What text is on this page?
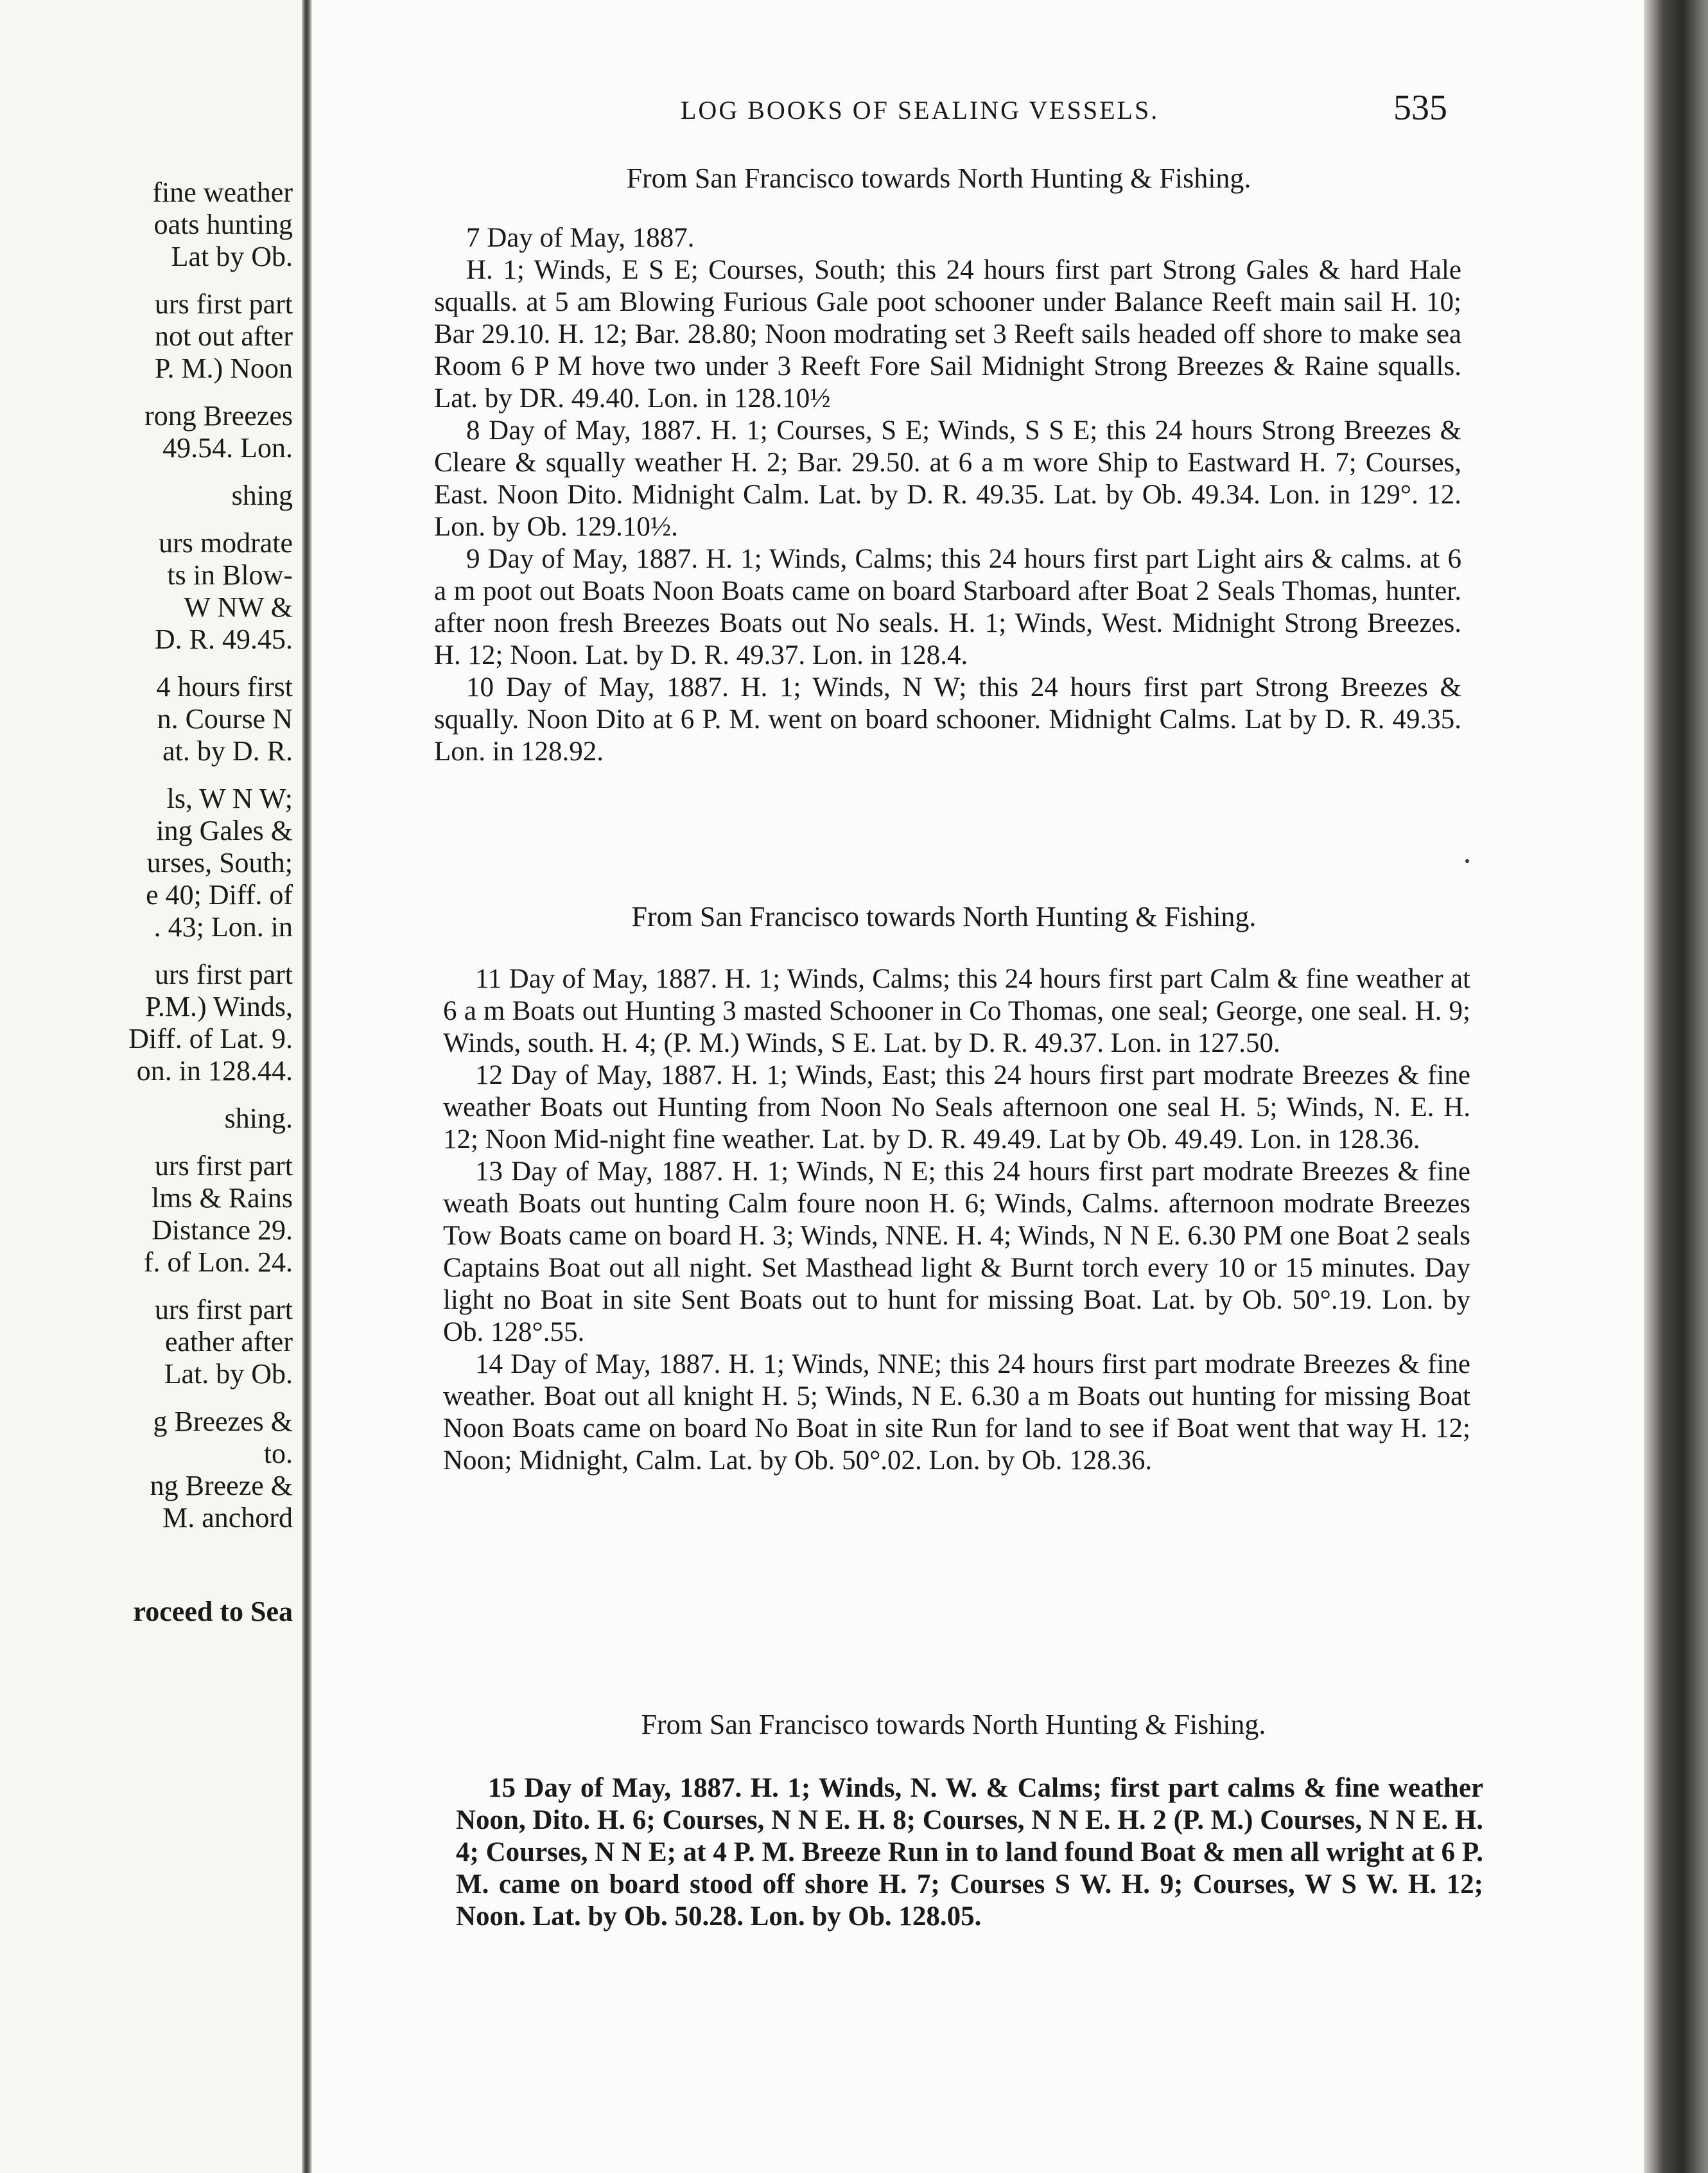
fine weather
oats hunting
Lat by Ob.
urs first part
not out after
P. M.) Noon
rong Breezes
49.54. Lon.
shing
urs modrate
ts in Blow-
W NW &
D. R. 49.45.
4 hours first
n. Course N
at. by D. R.
ls, W N W;
ing Gales &
urses, South;
e 40; Diff. of
. 43; Lon. in
urs first part
P.M.) Winds,
Diff. of Lat. 9.
on. in 128.44.
shing.
urs first part
lms & Rains
Distance 29.
f. of Lon. 24.
urs first part
eather after
Lat. by Ob.
g Breezes &
to.
ng Breeze &
M. anchord
roceed to Sea
LOG BOOKS OF SEALING VESSELS.	535
From San Francisco towards North Hunting & Fishing.

7 Day of May, 1887.

H. 1; Winds, E S E; Courses, South; this 24 hours first part Strong Gales & hard Hale squalls. at 5 am Blowing Furious Gale poot schooner under Balance Reeft main sail H. 10; Bar 29.10. H. 12; Bar. 28.80; Noon modrating set 3 Reeft sails headed off shore to make sea Room 6 P M hove two under 3 Reeft Fore Sail Midnight Strong Breezes & Raine squalls. Lat. by DR. 49.40. Lon. in 128.10½

8 Day of May, 1887. H. 1; Courses, S E; Winds, S S E; this 24 hours Strong Breezes & Cleare & squally weather H. 2; Bar. 29.50. at 6 a m wore Ship to Eastward H. 7; Courses, East. Noon Dito. Midnight Calm. Lat. by D. R. 49.35. Lat. by Ob. 49.34. Lon. in 129°. 12. Lon. by Ob. 129.10½.

9 Day of May, 1887. H. 1; Winds, Calms; this 24 hours first part Light airs & calms. at 6 a m poot out Boats Noon Boats came on board Starboard after Boat 2 Seals Thomas, hunter. after noon fresh Breezes Boats out No seals. H. 1; Winds, West. Midnight Strong Breezes. H. 12; Noon. Lat. by D. R. 49.37. Lon. in 128.4.

10 Day of May, 1887. H. 1; Winds, N W; this 24 hours first part Strong Breezes & squally. Noon Dito at 6 P. M. went on board schooner. Midnight Calms. Lat by D. R. 49.35. Lon. in 128.92.

From San Francisco towards North Hunting & Fishing.

11 Day of May, 1887. H. 1; Winds, Calms; this 24 hours first part Calm & fine weather at 6 a m Boats out Hunting 3 masted Schooner in Co Thomas, one seal; George, one seal. H. 9; Winds, south. H. 4; (P. M.) Winds, S E. Lat. by D. R. 49.37. Lon. in 127.50.

12 Day of May, 1887. H. 1; Winds, East; this 24 hours first part modrate Breezes & fine weather Boats out Hunting from Noon No Seals afternoon one seal H. 5; Winds, N. E. H. 12; Noon Mid-night fine weather. Lat. by D. R. 49.49. Lat by Ob. 49.49. Lon. in 128.36.

13 Day of May, 1887. H. 1; Winds, N E; this 24 hours first part modrate Breezes & fine weath Boats out hunting Calm foure noon H. 6; Winds, Calms. afternoon modrate Breezes Tow Boats came on board H. 3; Winds, NNE. H. 4; Winds, N N E. 6.30 PM one Boat 2 seals Captains Boat out all night. Set Masthead light & Burnt torch every 10 or 15 minutes. Day light no Boat in site Sent Boats out to hunt for missing Boat. Lat. by Ob. 50°.19. Lon. by Ob. 128°.55.

14 Day of May, 1887. H. 1; Winds, NNE; this 24 hours first part modrate Breezes & fine weather. Boat out all knight H. 5; Winds, N E. 6.30 a m Boats out hunting for missing Boat Noon Boats came on board No Boat in site Run for land to see if Boat went that way H. 12; Noon; Midnight, Calm. Lat. by Ob. 50°.02. Lon. by Ob. 128.36.

From San Francisco towards North Hunting & Fishing.

15 Day of May, 1887. H. 1; Winds, N. W. & Calms; first part calms & fine weather Noon, Dito. H. 6; Courses, N N E. H. 8; Courses, N N E. H. 2 (P. M.) Courses, N N E. H. 4; Courses, N N E; at 4 P. M. Breeze Run in to land found Boat & men all wright at 6 P. M. came on board stood off shore H. 7; Courses S W. H. 9; Courses, W S W. H. 12; Noon. Lat. by Ob. 50.28. Lon. by Ob. 128.05.
